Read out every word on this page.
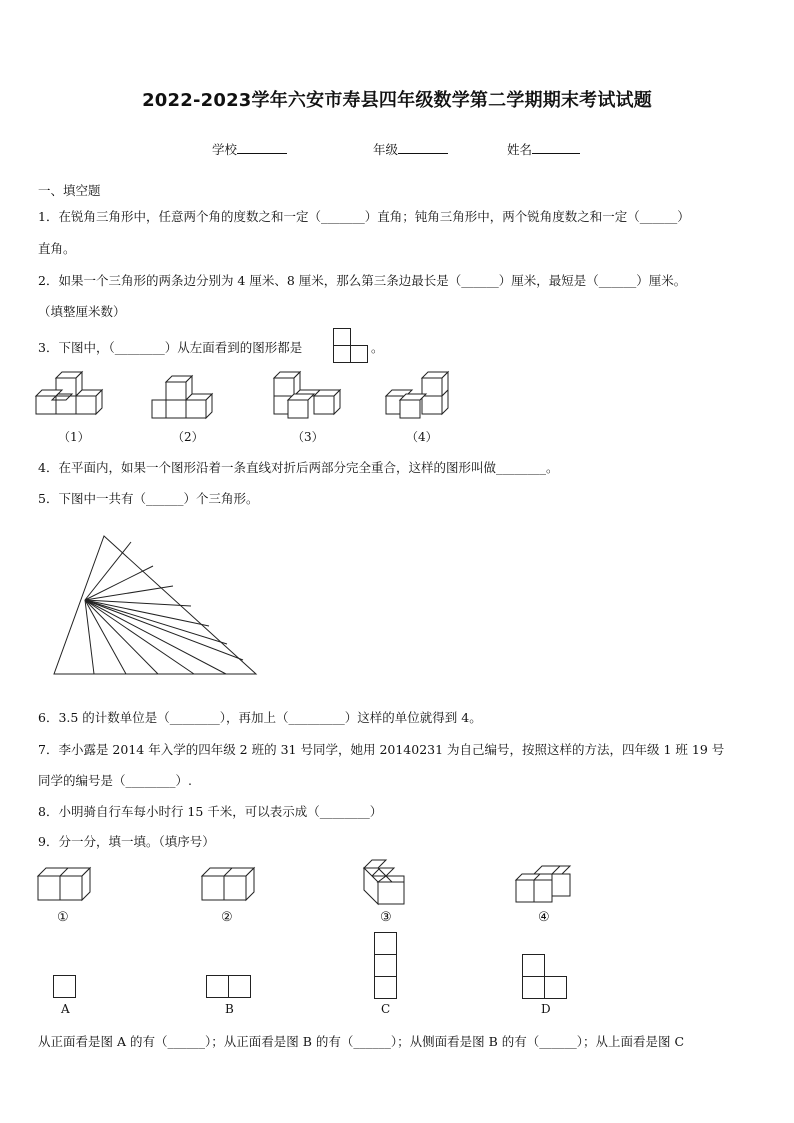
2022-2023学年六安市寿县四年级数学第二学期期末考试试题
学校	年级	姓名
一、填空题
1．在锐角三角形中，任意两个角的度数之和一定（_______）直角；钝角三角形中，两个锐角度数之和一定（______）
直角。
2．如果一个三角形的两条边分别为 4 厘米、8 厘米，那么第三条边最长是（______）厘米，最短是（______）厘米。
（填整厘米数）
3．下图中，（________）从左面看到的图形都是	。
（1）	（2）	（3）	（4）
4．在平面内，如果一个图形沿着一条直线对折后两部分完全重合，这样的图形叫做________。
5．下图中一共有（______）个三角形。
6．3.5 的计数单位是（________），再加上（_________）这样的单位就得到 4。
7．李小露是 2014 年入学的四年级 2 班的 31 号同学，她用 20140231 为自己编号，按照这样的方法，四年级 1 班 19 号
同学的编号是（________）.
8．小明骑自行车每小时行 15 千米，可以表示成（________）
9．分一分，填一填。（填序号）
①	②	③	④
A	B	C	D
从正面看是图 A 的有（______）；从正面看是图 B 的有（______）；从侧面看是图 B 的有（______）；从上面看是图 C
